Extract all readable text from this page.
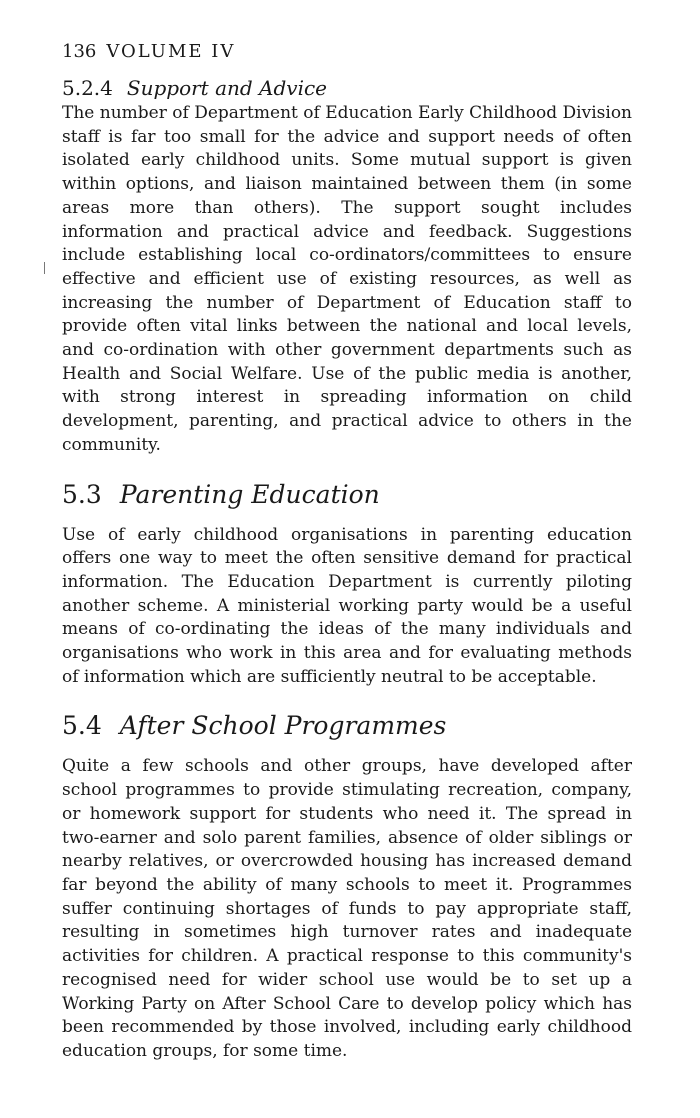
136 VOLUME IV
5.2.4 Support and Advice

The number of Department of Education Early Childhood Division staff is far too small for the advice and support needs of often isolated early childhood units. Some mutual support is given within options, and liaison maintained between them (in some areas more than others). The support sought includes information and practical advice and feedback. Suggestions include establishing local co-ordinators/committees to ensure effective and efficient use of existing resources, as well as increasing the number of Department of Education staff to provide often vital links between the national and local levels, and co-ordination with other government departments such as Health and Social Welfare. Use of the public media is another, with strong interest in spreading information on child development, parenting, and practical advice to others in the community.

5.3 Parenting Education

Use of early childhood organisations in parenting education offers one way to meet the often sensitive demand for practical information. The Education Department is currently piloting another scheme. A ministerial working party would be a useful means of co-ordinating the ideas of the many individuals and organisations who work in this area and for evaluating methods of information which are sufficiently neutral to be acceptable.

5.4 After School Programmes

Quite a few schools and other groups, have developed after school programmes to provide stimulating recreation, company, or homework support for students who need it. The spread in two-earner and solo parent families, absence of older siblings or nearby relatives, or overcrowded housing has increased demand far beyond the ability of many schools to meet it. Programmes suffer continuing shortages of funds to pay appropriate staff, resulting in sometimes high turnover rates and inadequate activities for children. A practical response to this community's recognised need for wider school use would be to set up a Working Party on After School Care to develop policy which has been recommended by those involved, including early childhood education groups, for some time.
